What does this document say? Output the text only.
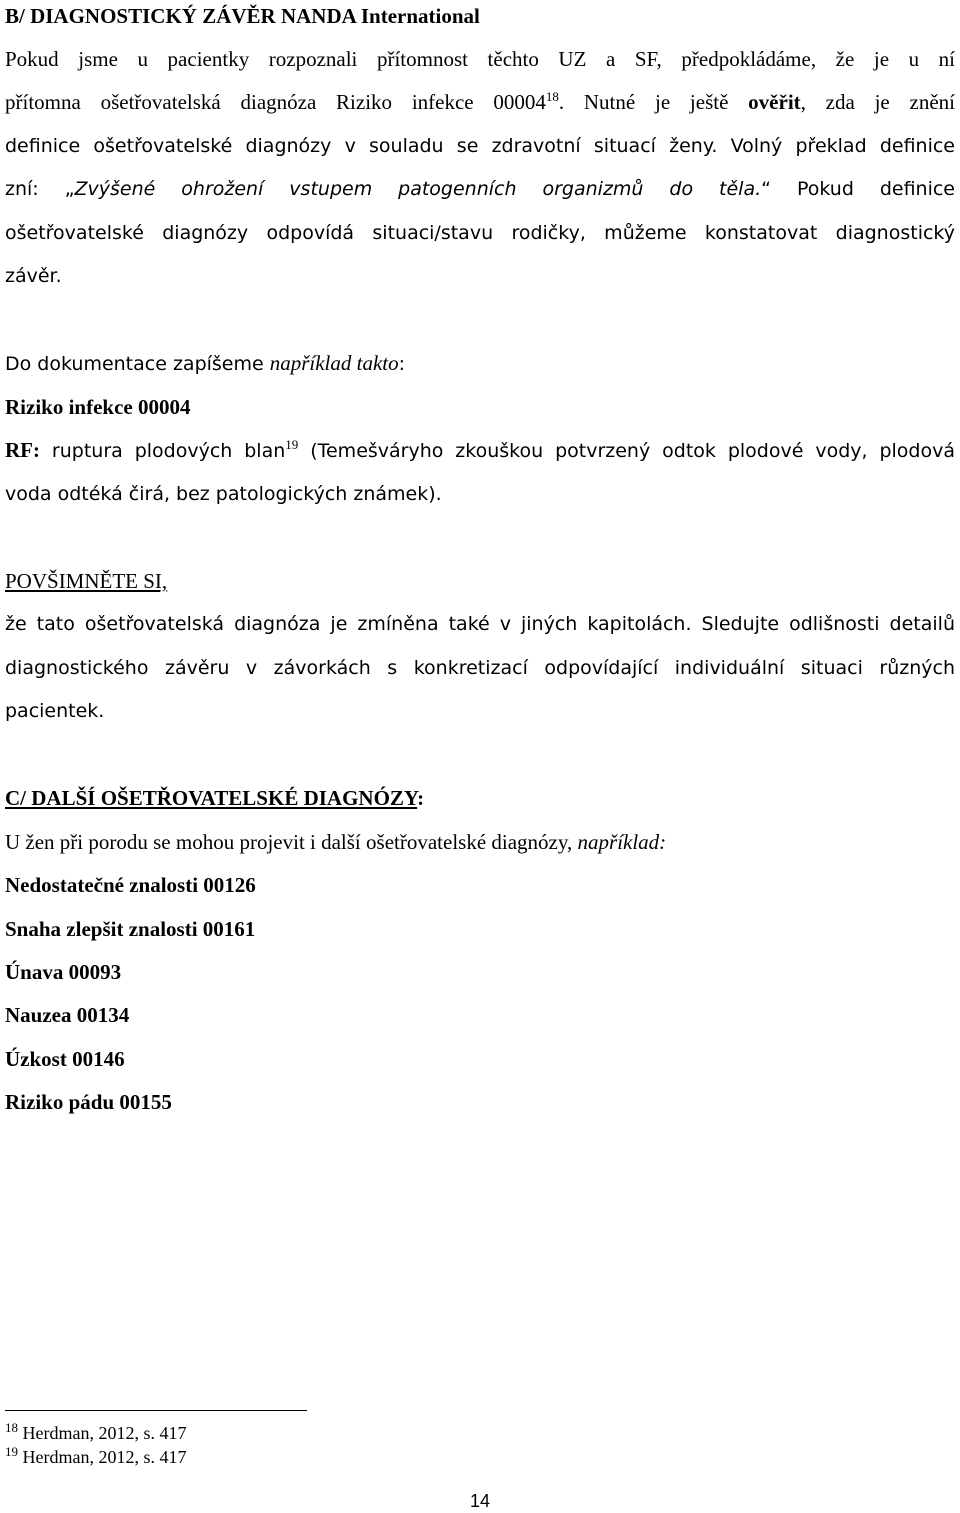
B/ DIAGNOSTICKÝ ZÁVĚR NANDA International
Pokud jsme u pacientky rozpoznali přítomnost těchto UZ a SF, předpokládáme, že je u ní
přítomna ošetřovatelská diagnóza Riziko infekce 00004$^{18}$. Nutné je ještě ověřit, zda je znění
definice ošetřovatelské diagnózy v souladu se zdravotní situací ženy. Volný překlad definice
zní: „Zvýšené ohrožení vstupem patogenních organizmů do těla.“ Pokud definice
ošetřovatelské diagnózy odpovídá situaci/stavu rodičky, můžeme konstatovat diagnostický
závěr.
Do dokumentace zapíšeme například takto:
Riziko infekce 00004
RF: ruptura plodových blan$^{19}$ (Temešváryho zkouškou potvrzený odtok plodové vody, plodová
voda odtéká čirá, bez patologických známek).
POVŠIMNĚTE SI,
že tato ošetřovatelská diagnóza je zmíněna také v jiných kapitolách. Sledujte odlišnosti detailů
diagnostického závěru v závorkách s konkretizací odpovídající individuální situaci různých
pacientek.
C/ DALŠÍ OŠETŘOVATELSKÉ DIAGNÓZY:
U žen při porodu se mohou projevit i další ošetřovatelské diagnózy, například:
Nedostatečné znalosti 00126
Snaha zlepšit znalosti 00161
Únava 00093
Nauzea 00134
Úzkost 00146
Riziko pádu 00155
$^{18}$ Herdman, 2012, s. 417
$^{19}$ Herdman, 2012, s. 417
14
